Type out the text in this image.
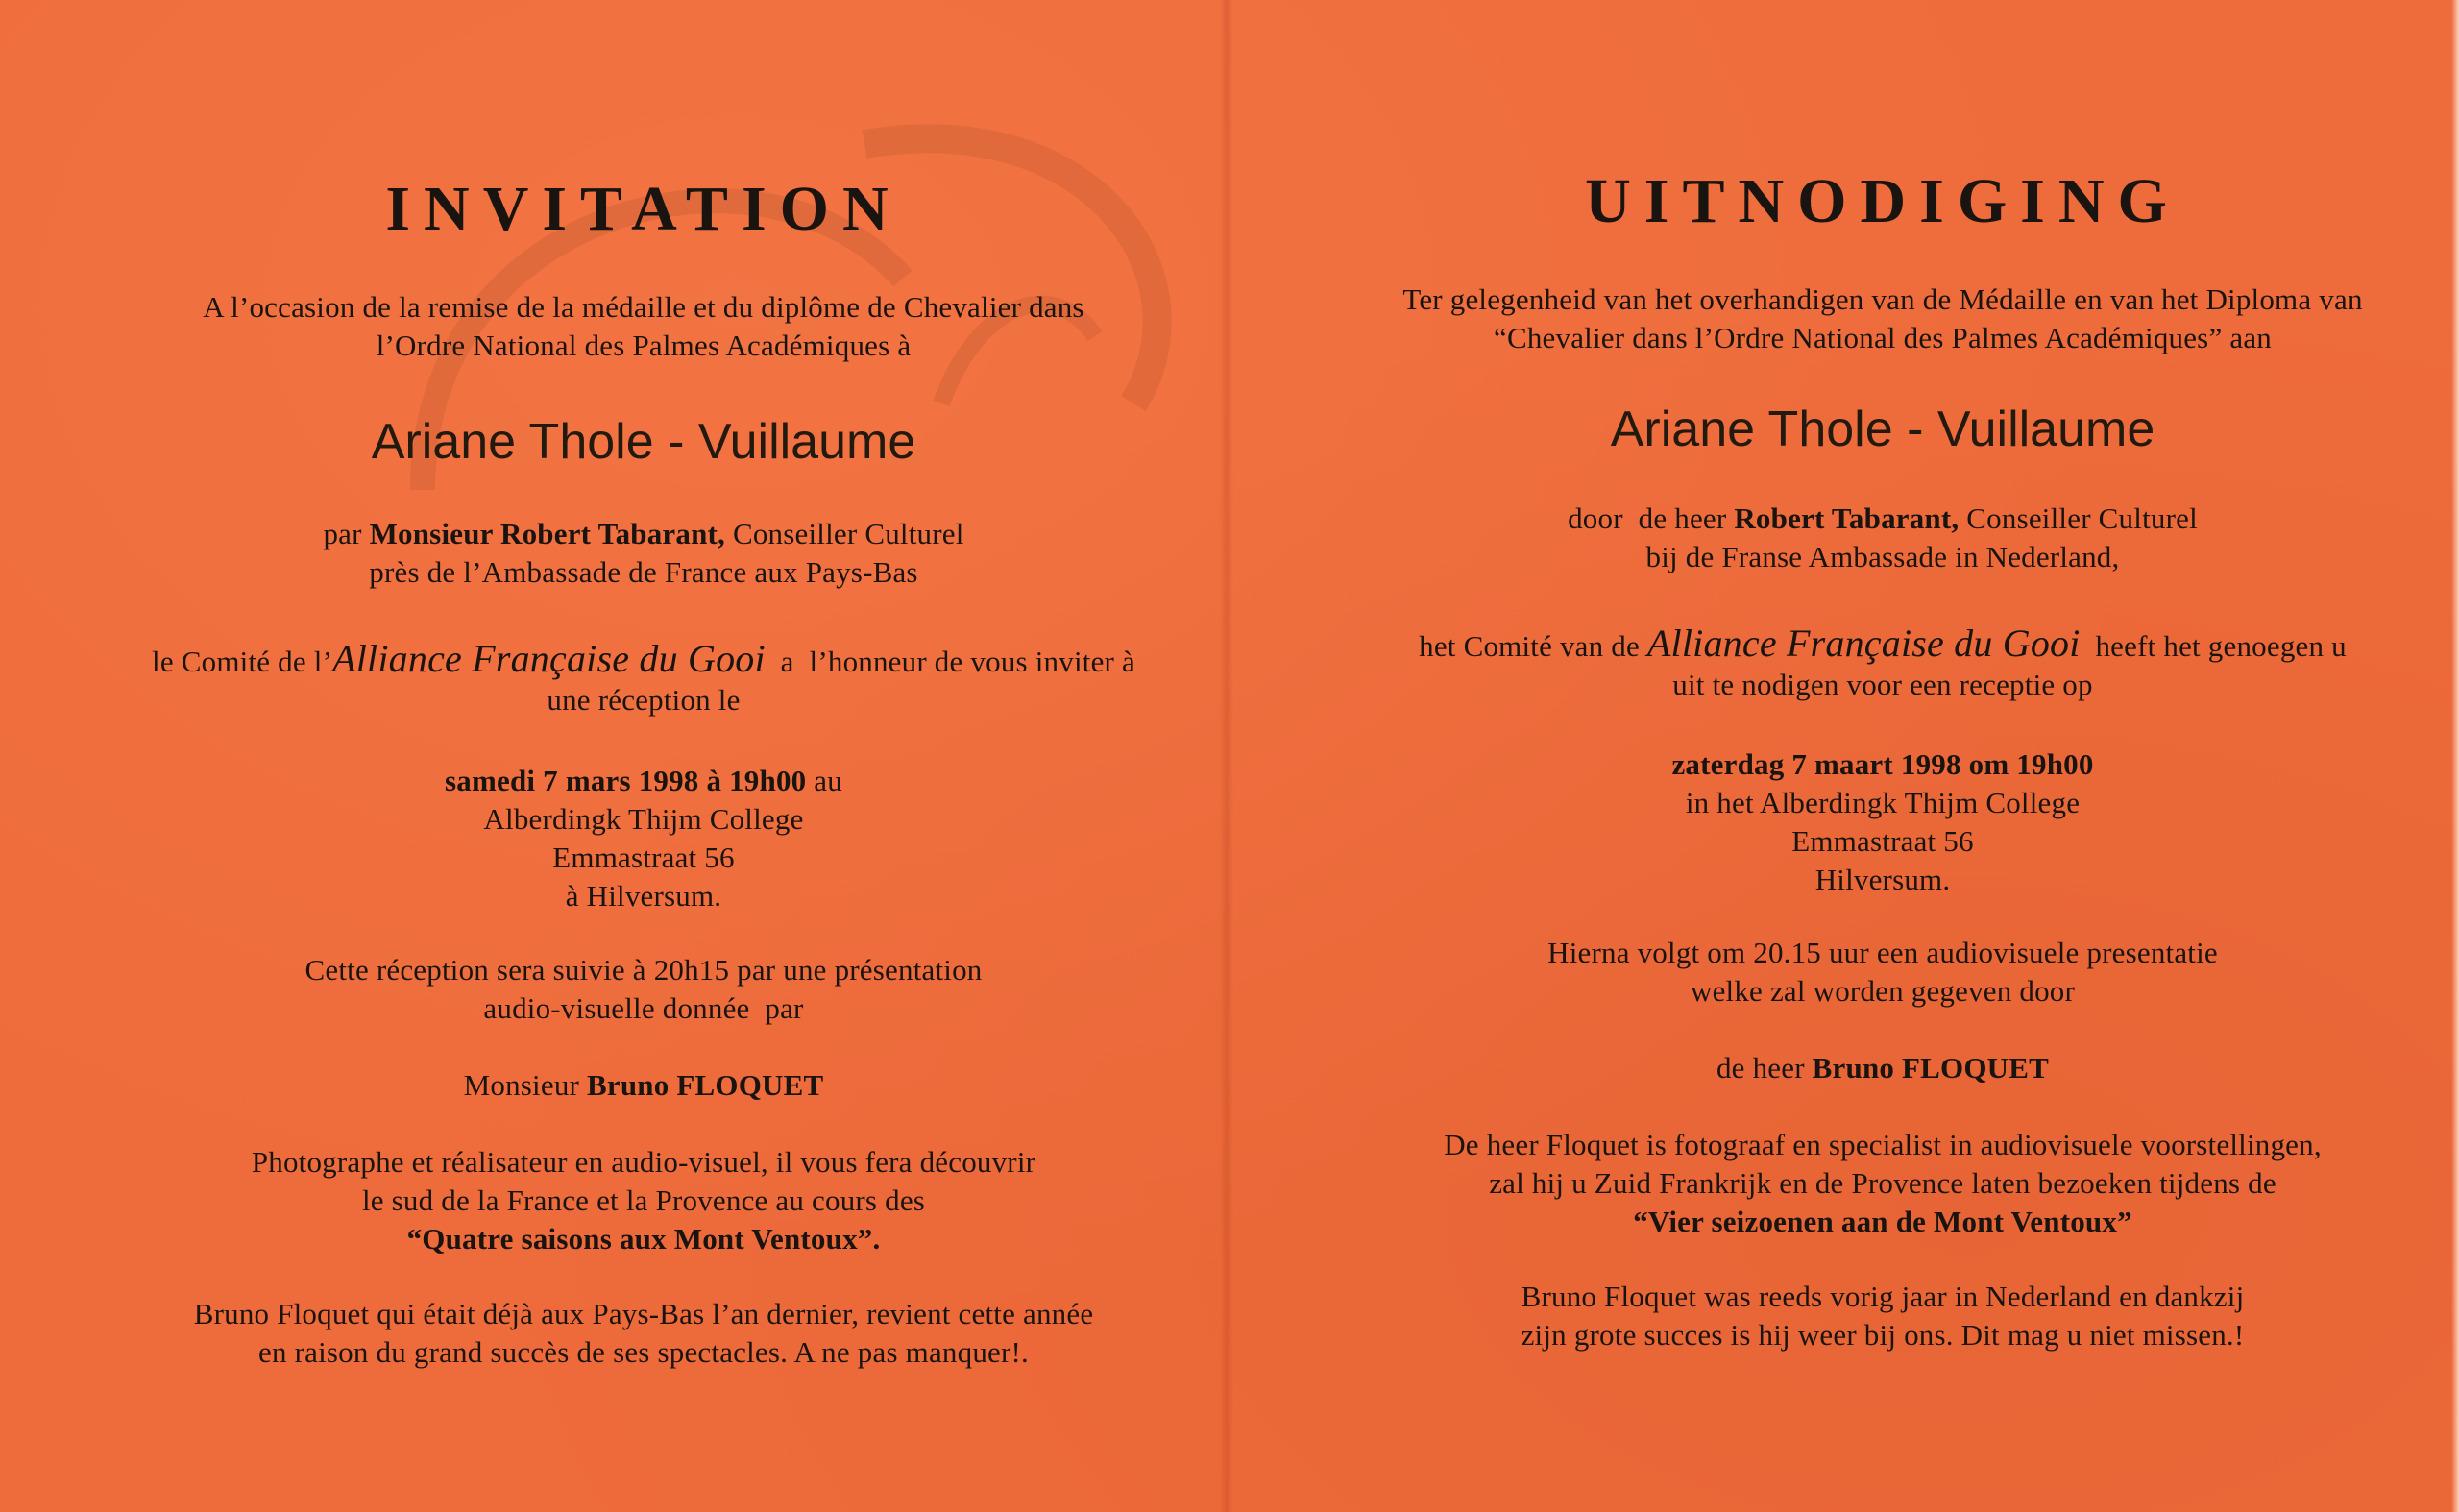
INVITATION
A l’occasion de la remise de la médaille et du diplôme de Chevalier dans
l’Ordre National des Palmes Académiques à
Ariane Thole - Vuillaume
par Monsieur Robert Tabarant, Conseiller Culturel
près de l’Ambassade de France aux Pays-Bas
le Comité de l’Alliance Française du Gooi  a  l’honneur de vous inviter à
une réception le
samedi 7 mars 1998 à 19h00 au
Alberdingk Thijm College
Emmastraat 56
à Hilversum.
Cette réception sera suivie à 20h15 par une présentation
audio-visuelle donnée  par
Monsieur Bruno FLOQUET
Photographe et réalisateur en audio-visuel, il vous fera découvrir
le sud de la France et la Provence au cours des
“Quatre saisons aux Mont Ventoux”.
Bruno Floquet qui était déjà aux Pays-Bas l’an dernier, revient cette année
en raison du grand succès de ses spectacles. A ne pas manquer!.
UITNODIGING
Ter gelegenheid van het overhandigen van de Médaille en van het Diploma van
“Chevalier dans l’Ordre National des Palmes Académiques” aan
Ariane Thole - Vuillaume
door  de heer Robert Tabarant, Conseiller Culturel
bij de Franse Ambassade in Nederland,
het Comité van de Alliance Française du Gooi  heeft het genoegen u
uit te nodigen voor een receptie op
zaterdag 7 maart 1998 om 19h00
in het Alberdingk Thijm College
Emmastraat 56
Hilversum.
Hierna volgt om 20.15 uur een audiovisuele presentatie
welke zal worden gegeven door
de heer Bruno FLOQUET
De heer Floquet is fotograaf en specialist in audiovisuele voorstellingen,
zal hij u Zuid Frankrijk en de Provence laten bezoeken tijdens de
“Vier seizoenen aan de Mont Ventoux”
Bruno Floquet was reeds vorig jaar in Nederland en dankzij
zijn grote succes is hij weer bij ons. Dit mag u niet missen.!
